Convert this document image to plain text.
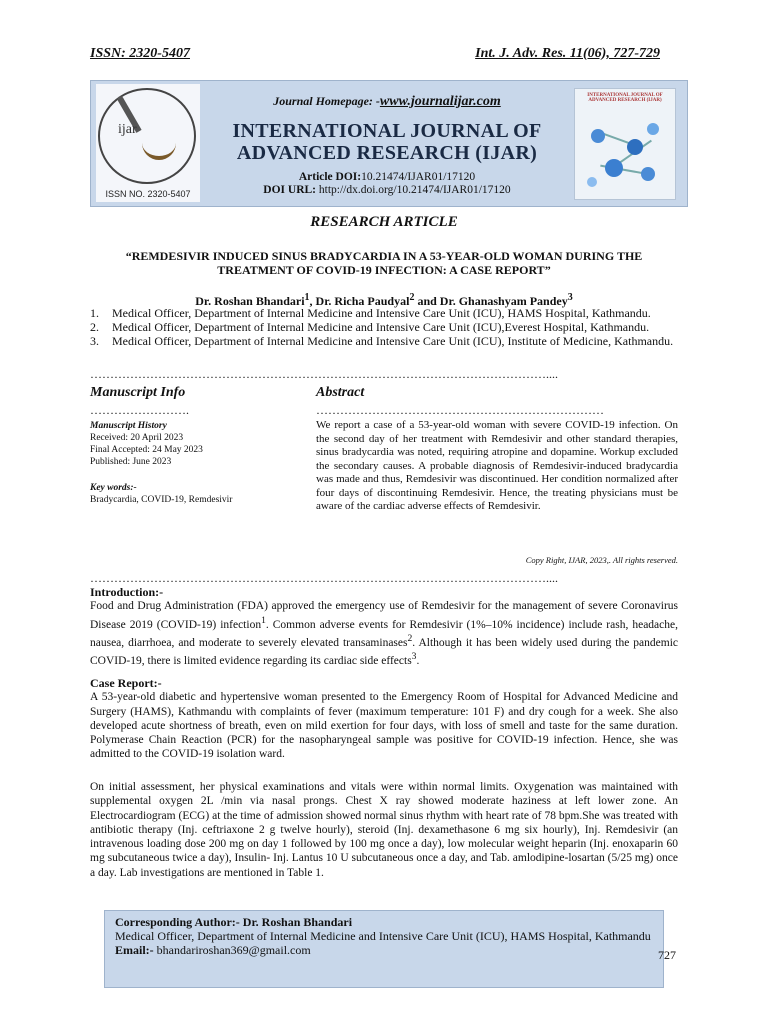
ISSN: 2320-5407	Int. J. Adv. Res. 11(06), 727-729
ijar
ISSN NO. 2320-5407
Journal Homepage: -www.journalijar.com
INTERNATIONAL JOURNAL OF
ADVANCED RESEARCH (IJAR)
Article DOI:10.21474/IJAR01/17120
DOI URL: http://dx.doi.org/10.21474/IJAR01/17120
INTERNATIONAL JOURNAL OF ADVANCED RESEARCH (IJAR)
RESEARCH ARTICLE
“REMDESIVIR INDUCED SINUS BRADYCARDIA IN A 53-YEAR-OLD WOMAN DURING THE TREATMENT OF COVID-19 INFECTION: A CASE REPORT”
Dr. Roshan Bhandari$^1$, Dr. Richa Paudyal$^2$ and Dr. Ghanashyam Pandey$^3$
1.	Medical Officer, Department of Internal Medicine and Intensive Care Unit (ICU), HAMS Hospital, Kathmandu.
2.	Medical Officer, Department of Internal Medicine and Intensive Care Unit (ICU),Everest Hospital, Kathmandu.
3.	Medical Officer, Department of Internal Medicine and Intensive Care Unit (ICU), Institute of Medicine, Kathmandu.
……………………………………………………………………………………………………....
Manuscript Info	Abstract
…………………….	………………………………………………………………
Manuscript History
Received: 20 April 2023
Final Accepted: 24 May 2023
Published: June 2023
Key words:-
Bradycardia, COVID-19, Remdesivir
We report a case of a 53-year-old woman with severe COVID-19 infection. On the second day of her treatment with Remdesivir and other standard therapies, sinus bradycardia was noted, requiring atropine and dopamine. Workup excluded the secondary causes. A probable diagnosis of Remdesivir-induced bradycardia was made and thus, Remdesivir was discontinued. Her condition normalized after four days of discontinuing Remdesivir. Hence, the treating physicians must be aware of the cardiac adverse effects of Remdesivir.
Copy Right, IJAR, 2023,. All rights reserved.
……………………………………………………………………………………………………....
Introduction:-
Food and Drug Administration (FDA) approved the emergency use of Remdesivir for the management of severe Coronavirus Disease 2019 (COVID-19) infection$^1$. Common adverse events for Remdesivir (1%–10% incidence) include rash, headache, nausea, diarrhoea, and moderate to severely elevated transaminases$^2$. Although it has been widely used during the pandemic COVID-19, there is limited evidence regarding its cardiac side effects$^3$.
Case Report:-
A 53-year-old diabetic and hypertensive woman presented to the Emergency Room of Hospital for Advanced Medicine and Surgery (HAMS), Kathmandu with complaints of fever (maximum temperature: 101 F) and dry cough for a week. She also developed acute shortness of breath, even on mild exertion for four days, with loss of smell and taste for the same duration. Polymerase Chain Reaction (PCR) for the nasopharyngeal sample was positive for COVID-19 infection. Hence, she was admitted to the COVID-19 isolation ward.
On initial assessment, her physical examinations and vitals were within normal limits. Oxygenation was maintained with supplemental oxygen 2L /min via nasal prongs. Chest X ray showed moderate haziness at left lower zone. An Electrocardiogram (ECG) at the time of admission showed normal sinus rhythm with heart rate of 78 bpm.She was treated with antibiotic therapy (Inj. ceftriaxone 2 g twelve hourly), steroid (Inj. dexamethasone 6 mg six hourly), Inj. Remdesivir (an intravenous loading dose 200 mg on day 1 followed by 100 mg once a day), low molecular weight heparin (Inj. enoxaparin 60 mg subcutaneous twice a day), Insulin- Inj. Lantus 10 U subcutaneous once a day, and Tab. amlodipine-losartan (5/25 mg) once a day. Lab investigations are mentioned in Table 1.
Corresponding Author:- Dr. Roshan Bhandari
Medical Officer, Department of Internal Medicine and Intensive Care Unit (ICU), HAMS Hospital, Kathmandu
Email:- bhandariroshan369@gmail.com	727
